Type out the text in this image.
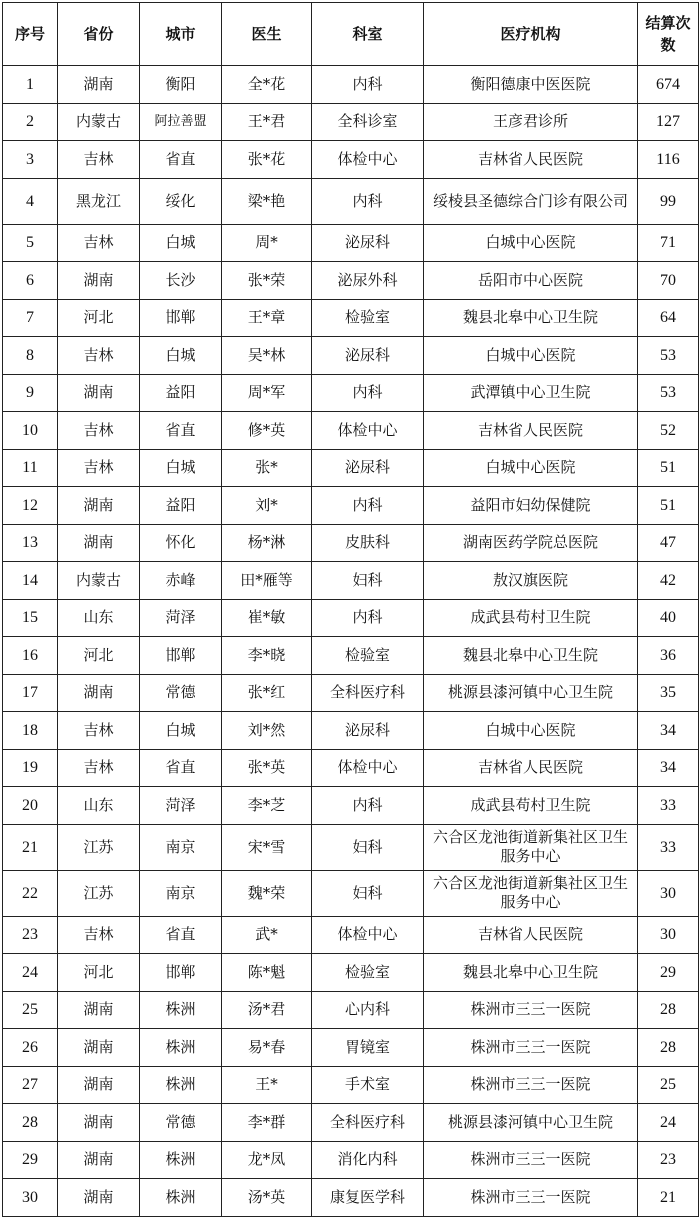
序号	省份	城市	医生	科室	医疗机构	结算次数
1	湖南	衡阳	全*花	内科	衡阳德康中医医院	674
2	内蒙古	阿拉善盟	王*君	全科诊室	王彦君诊所	127
3	吉林	省直	张*花	体检中心	吉林省人民医院	116
4	黑龙江	绥化	梁*艳	内科	绥棱县圣德综合门诊有限公司	99
5	吉林	白城	周*	泌尿科	白城中心医院	71
6	湖南	长沙	张*荣	泌尿外科	岳阳市中心医院	70
7	河北	邯郸	王*章	检验室	魏县北皋中心卫生院	64
8	吉林	白城	吴*林	泌尿科	白城中心医院	53
9	湖南	益阳	周*军	内科	武潭镇中心卫生院	53
10	吉林	省直	修*英	体检中心	吉林省人民医院	52
11	吉林	白城	张*	泌尿科	白城中心医院	51
12	湖南	益阳	刘*	内科	益阳市妇幼保健院	51
13	湖南	怀化	杨*淋	皮肤科	湖南医药学院总医院	47
14	内蒙古	赤峰	田*雁等	妇科	敖汉旗医院	42
15	山东	菏泽	崔*敏	内科	成武县苟村卫生院	40
16	河北	邯郸	李*晓	检验室	魏县北皋中心卫生院	36
17	湖南	常德	张*红	全科医疗科	桃源县漆河镇中心卫生院	35
18	吉林	白城	刘*然	泌尿科	白城中心医院	34
19	吉林	省直	张*英	体检中心	吉林省人民医院	34
20	山东	菏泽	李*芝	内科	成武县苟村卫生院	33
21	江苏	南京	宋*雪	妇科	六合区龙池街道新集社区卫生服务中心	33
22	江苏	南京	魏*荣	妇科	六合区龙池街道新集社区卫生服务中心	30
23	吉林	省直	武*	体检中心	吉林省人民医院	30
24	河北	邯郸	陈*魁	检验室	魏县北皋中心卫生院	29
25	湖南	株洲	汤*君	心内科	株洲市三三一医院	28
26	湖南	株洲	易*春	胃镜室	株洲市三三一医院	28
27	湖南	株洲	王*	手术室	株洲市三三一医院	25
28	湖南	常德	李*群	全科医疗科	桃源县漆河镇中心卫生院	24
29	湖南	株洲	龙*凤	消化内科	株洲市三三一医院	23
30	湖南	株洲	汤*英	康复医学科	株洲市三三一医院	21
